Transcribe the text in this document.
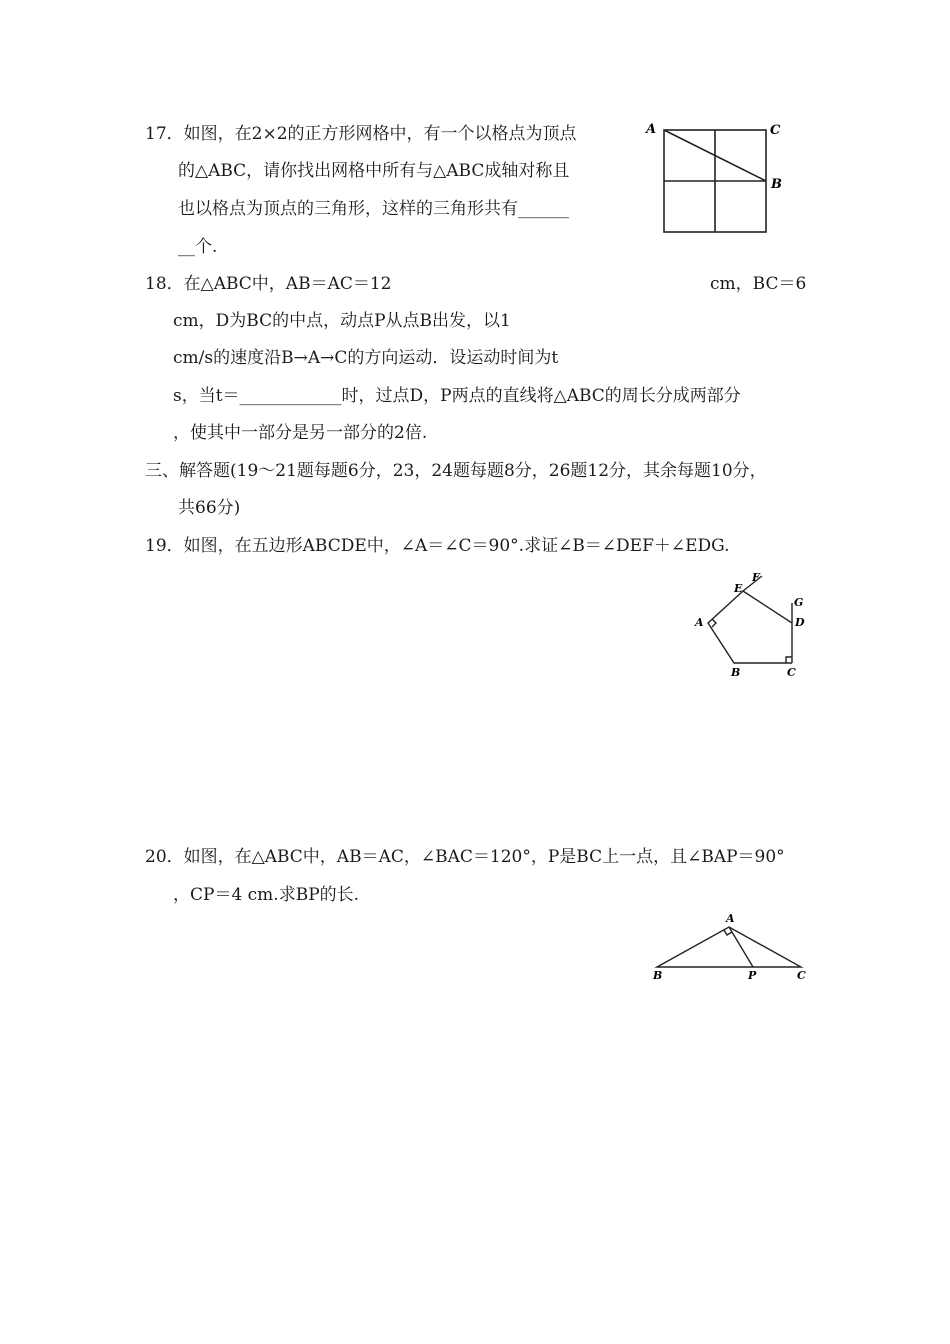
17．如图，在2×2的正方形网格中，有一个以格点为顶点
的△ABC，请你找出网格中所有与△ABC成轴对称且
也以格点为顶点的三角形，这样的三角形共有______
__个.
A	C
B
18．在△ABC中，AB＝AC＝12	cm，BC＝6
cm，D为BC的中点，动点P从点B出发，以1
cm/s的速度沿B→A→C的方向运动．设运动时间为t
s，当t＝____________时，过点D，P两点的直线将△ABC的周长分成两部分
，使其中一部分是另一部分的2倍.
三、解答题(19～21题每题6分，23，24题每题8分，26题12分，其余每题10分，
共66分)
19．如图，在五边形ABCDE中，∠A＝∠C＝90°.求证∠B＝∠DEF＋∠EDG.
A
B	C
D
E
F
G
20．如图，在△ABC中，AB＝AC，∠BAC＝120°，P是BC上一点，且∠BAP＝90°
，CP＝4 cm.求BP的长.
A
B	P	C
